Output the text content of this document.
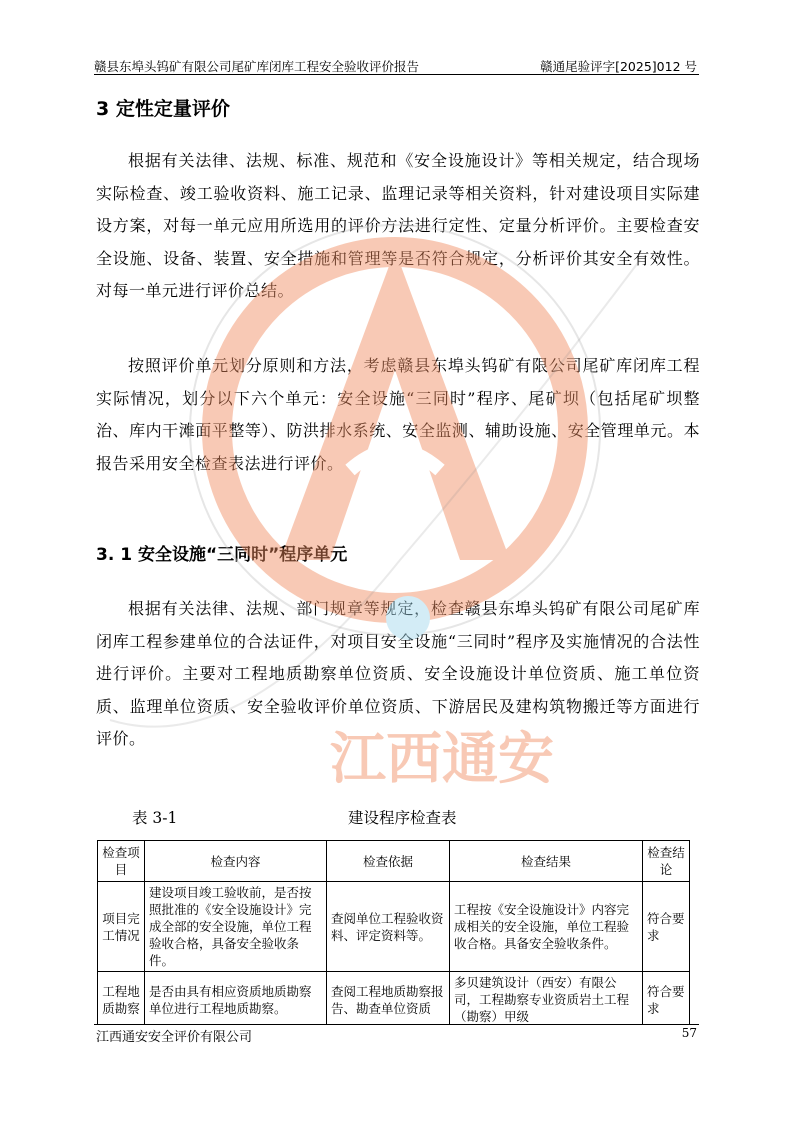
赣县东埠头钨矿有限公司尾矿库闭库工程安全验收评价报告	赣通尾验评字[2025]012 号
3 定性定量评价

根据有关法律、法规、标准、规范和《安全设施设计》等相关规定，结合现场实际检查、竣工验收资料、施工记录、监理记录等相关资料，针对建设项目实际建设方案，对每一单元应用所选用的评价方法进行定性、定量分析评价。主要检查安全设施、设备、装置、安全措施和管理等是否符合规定，分析评价其安全有效性。对每一单元进行评价总结。

按照评价单元划分原则和方法，考虑赣县东埠头钨矿有限公司尾矿库闭库工程实际情况，划分以下六个单元：安全设施“三同时”程序、尾矿坝（包括尾矿坝整治、库内干滩面平整等）、防洪排水系统、安全监测、辅助设施、安全管理单元。本报告采用安全检查表法进行评价。

3. 1 安全设施“三同时”程序单元

根据有关法律、法规、部门规章等规定，检查赣县东埠头钨矿有限公司尾矿库闭库工程参建单位的合法证件，对项目安全设施“三同时”程序及实施情况的合法性进行评价。主要对工程地质勘察单位资质、安全设施设计单位资质、施工单位资质、监理单位资质、安全验收评价单位资质、下游居民及建构筑物搬迁等方面进行评价。

表 3-1	建设程序检查表
检查项目	检查内容	检查依据	检查结果	检查结论
项目完工情况	建设项目竣工验收前，是否按照批准的《安全设施设计》完成全部的安全设施，单位工程验收合格，具备安全验收条件。	查阅单位工程验收资料、评定资料等。	工程按《安全设施设计》内容完成相关的安全设施，单位工程验收合格。具备安全验收条件。	符合要求
工程地质勘察	是否由具有相应资质地质勘察单位进行工程地质勘察。	查阅工程地质勘察报告、勘查单位资质	多贝建筑设计（西安）有限公司，工程勘察专业资质岩土工程（勘察）甲级	符合要求
江西通安安全评价有限公司	57
江西通安
